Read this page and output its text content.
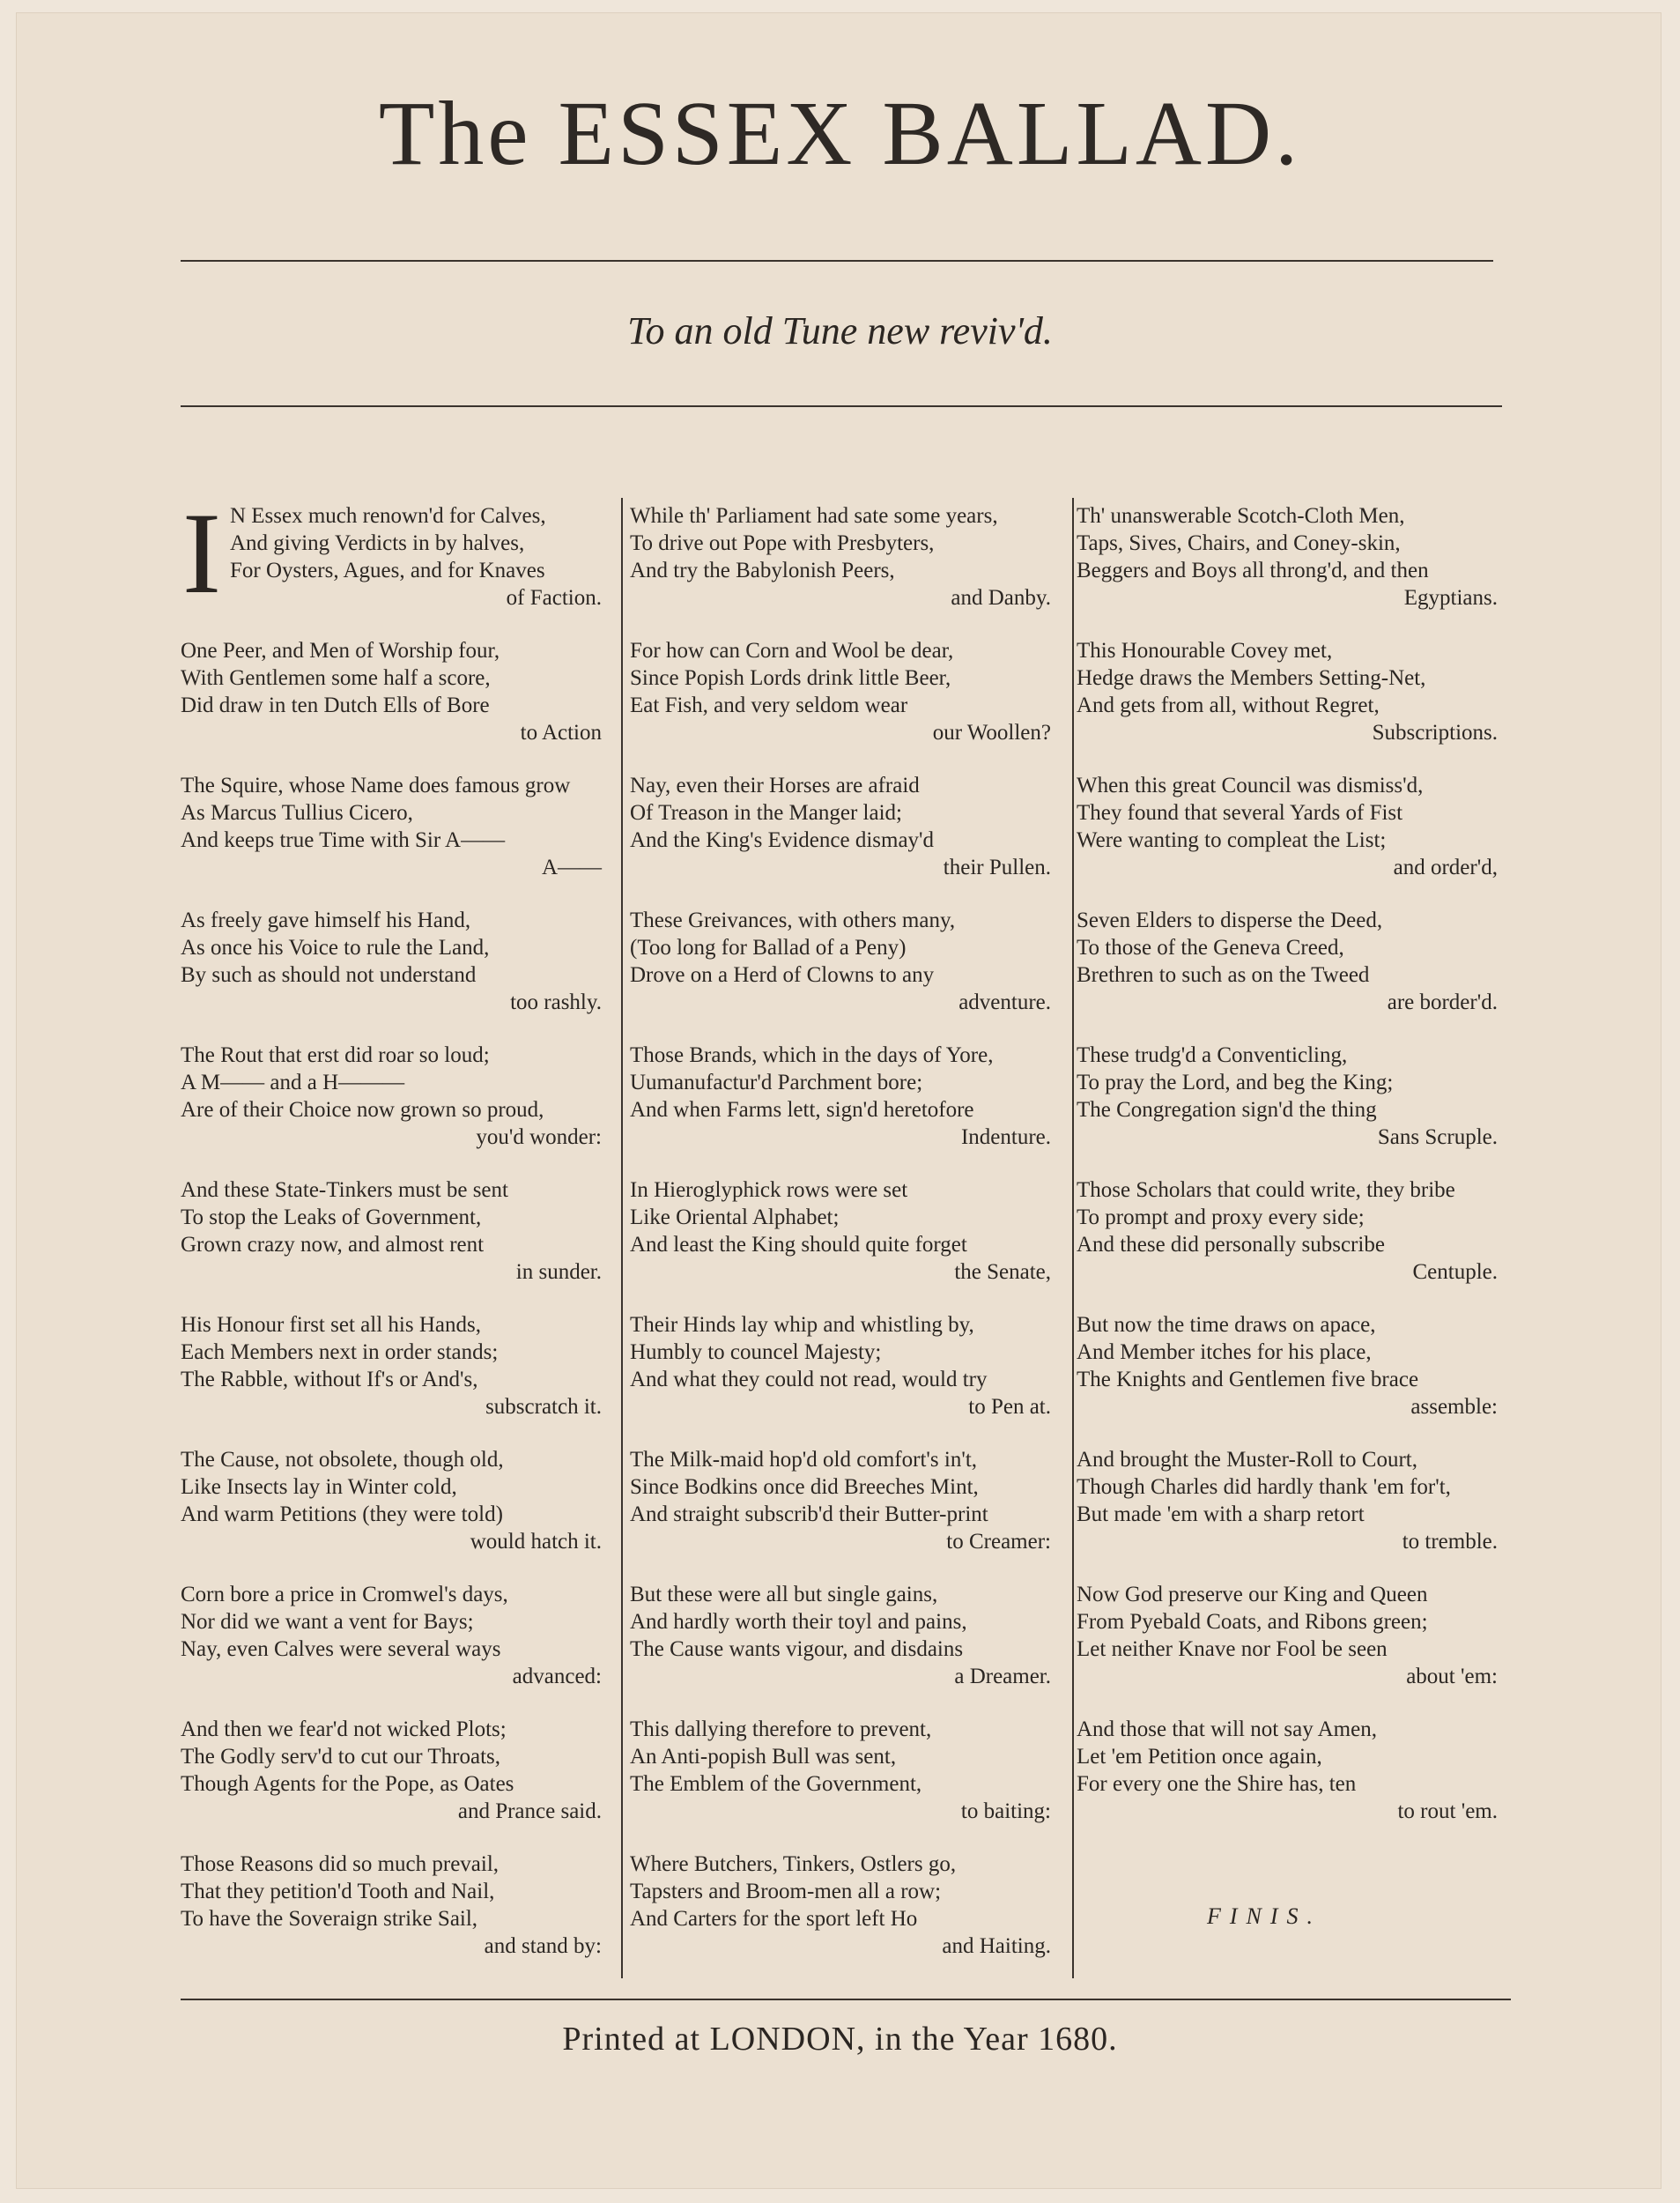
The ESSEX BALLAD.
To an old Tune new reviv'd.
I N Essex much renown'd for Calves,
And giving Verdicts in by halves,
For Oysters, Agues, and for Knaves
of Faction.
One Peer, and Men of Worship four,
With Gentlemen some half a score,
Did draw in ten Dutch Ells of Bore
to Action
The Squire, whose Name does famous grow
As Marcus Tullius Cicero,
And keeps true Time with Sir A——
A——
As freely gave himself his Hand,
As once his Voice to rule the Land,
By such as should not understand
too rashly.
The Rout that erst did roar so loud;
A M—— and a H———
Are of their Choice now grown so proud,
you'd wonder:
And these State-Tinkers must be sent
To stop the Leaks of Government,
Grown crazy now, and almost rent
in sunder.
His Honour first set all his Hands,
Each Members next in order stands;
The Rabble, without If's or And's,
subscratch it.
The Cause, not obsolete, though old,
Like Insects lay in Winter cold,
And warm Petitions (they were told)
would hatch it.
Corn bore a price in Cromwel's days,
Nor did we want a vent for Bays;
Nay, even Calves were several ways
advanced:
And then we fear'd not wicked Plots;
The Godly serv'd to cut our Throats,
Though Agents for the Pope, as Oates
and Prance said.
Those Reasons did so much prevail,
That they petition'd Tooth and Nail,
To have the Soveraign strike Sail,
and stand by:
While th' Parliament had sate some years,
To drive out Pope with Presbyters,
And try the Babylonish Peers,
and Danby.
For how can Corn and Wool be dear,
Since Popish Lords drink little Beer,
Eat Fish, and very seldom wear
our Woollen?
Nay, even their Horses are afraid
Of Treason in the Manger laid;
And the King's Evidence dismay'd
their Pullen.
These Greivances, with others many,
(Too long for Ballad of a Peny)
Drove on a Herd of Clowns to any
adventure.
Those Brands, which in the days of Yore,
Uumanufactur'd Parchment bore;
And when Farms lett, sign'd heretofore
Indenture.
In Hieroglyphick rows were set
Like Oriental Alphabet;
And least the King should quite forget
the Senate,
Their Hinds lay whip and whistling by,
Humbly to councel Majesty;
And what they could not read, would try
to Pen at.
The Milk-maid hop'd old comfort's in't,
Since Bodkins once did Breeches Mint,
And straight subscrib'd their Butter-print
to Creamer:
But these were all but single gains,
And hardly worth their toyl and pains,
The Cause wants vigour, and disdains
a Dreamer.
This dallying therefore to prevent,
An Anti-popish Bull was sent,
The Emblem of the Government,
to baiting:
Where Butchers, Tinkers, Ostlers go,
Tapsters and Broom-men all a row;
And Carters for the sport left Ho
and Haiting.
Th' unanswerable Scotch-Cloth Men,
Taps, Sives, Chairs, and Coney-skin,
Beggers and Boys all throng'd, and then
Egyptians.
This Honourable Covey met,
Hedge draws the Members Setting-Net,
And gets from all, without Regret,
Subscriptions.
When this great Council was dismiss'd,
They found that several Yards of Fist
Were wanting to compleat the List;
and order'd,
Seven Elders to disperse the Deed,
To those of the Geneva Creed,
Brethren to such as on the Tweed
are border'd.
These trudg'd a Conventicling,
To pray the Lord, and beg the King;
The Congregation sign'd the thing
Sans Scruple.
Those Scholars that could write, they bribe
To prompt and proxy every side;
And these did personally subscribe
Centuple.
But now the time draws on apace,
And Member itches for his place,
The Knights and Gentlemen five brace
assemble:
And brought the Muster-Roll to Court,
Though Charles did hardly thank 'em for't,
But made 'em with a sharp retort
to tremble.
Now God preserve our King and Queen
From Pyebald Coats, and Ribons green;
Let neither Knave nor Fool be seen
about 'em:
And those that will not say Amen,
Let 'em Petition once again,
For every one the Shire has, ten
to rout 'em.
FINIS.
Printed at LONDON, in the Year 1680.
